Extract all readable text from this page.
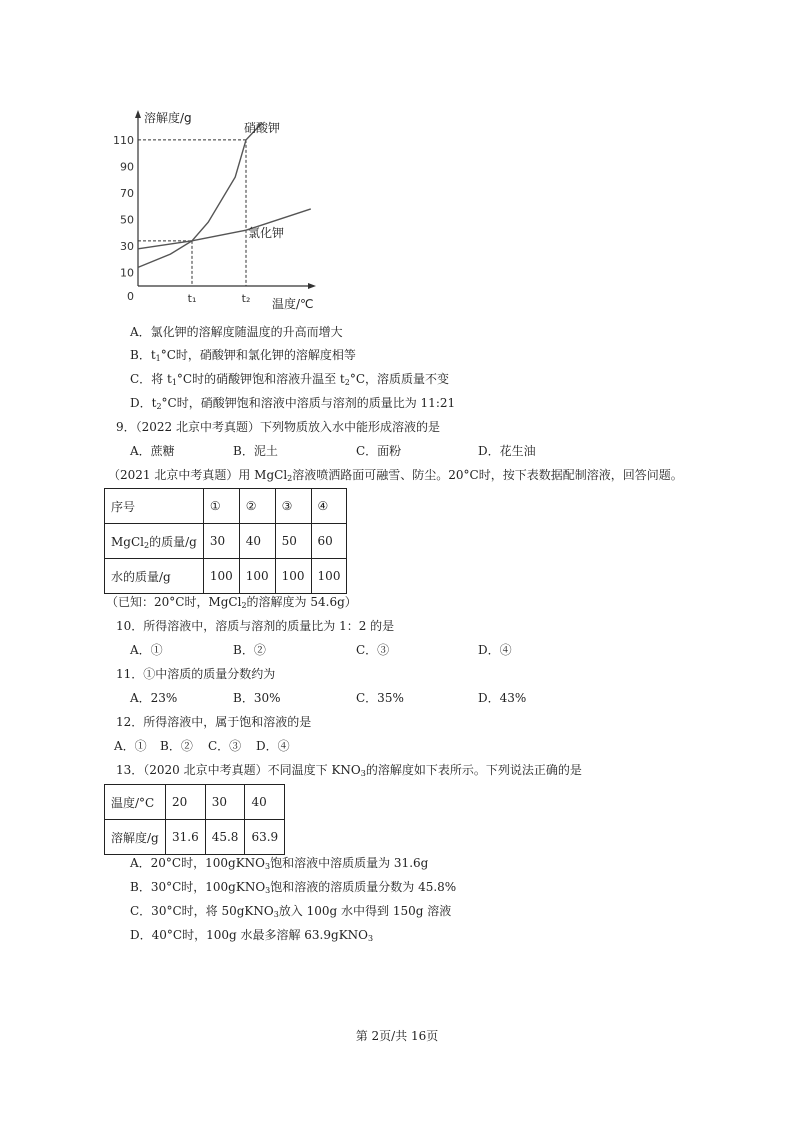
10
30
50
70
90
110
0	t₁	t₂
溶解度/g
温度/℃
硝酸钾
氯化钾
A．氯化钾的溶解度随温度的升高而增大
B．$t_1^\circ C$时，硝酸钾和氯化钾的溶解度相等
C．将 $t_1^\circ C$时的硝酸钾饱和溶液升温至 $t_2^\circ C$，溶质质量不变
D．$t_2^\circ C$时，硝酸钾饱和溶液中溶质与溶剂的质量比为 11:21
9．（2022 北京中考真题）下列物质放入水中能形成溶液的是
A．蔗糖	B．泥土	C．面粉	D．花生油
（2021 北京中考真题）用 MgCl$_2$溶液喷洒路面可融雪、防尘。20°C时，按下表数据配制溶液，回答问题。
序号	①	②	③	④
MgCl$_2$的质量/g	30	40	50	60
水的质量/g	100	100	100	100
（已知：20°C时，MgCl$_2$的溶解度为 54.6g）
10．所得溶液中，溶质与溶剂的质量比为 1：2 的是
A．①	B．②	C．③	D．④
11．①中溶质的质量分数约为
A．23%	B．30%	C．35%	D．43%
12．所得溶液中，属于饱和溶液的是
A．① B．② C．③ D．④
13．（2020 北京中考真题）不同温度下 $KNO_3$的溶解度如下表所示。下列说法正确的是
温度/°C	20	30	40
溶解度/g	31.6	45.8	63.9
A．20°C时，100gKNO$_3$饱和溶液中溶质质量为 31.6g
B．30°C时，100gKNO$_3$饱和溶液的溶质质量分数为 45.8%
C．30°C时，将 50gKNO$_3$放入 100g 水中得到 150g 溶液
D．40°C时，100g 水最多溶解 63.9gKNO$_3$
第 2页/共 16页
